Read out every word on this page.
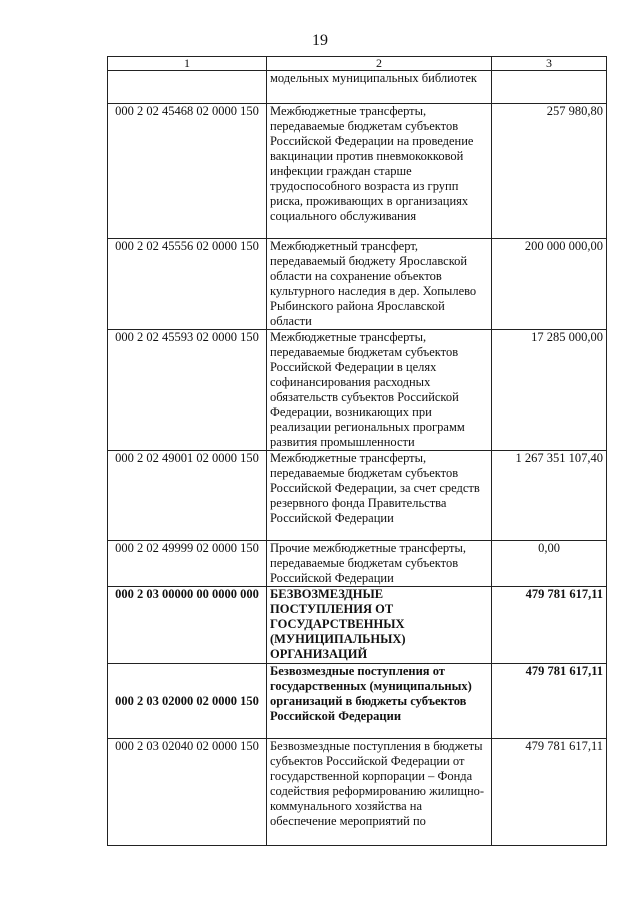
19
1	2	3
	модельных муниципальных библиотек	
000 2 02 45468 02 0000 150	Межбюджетные трансферты, передаваемые бюджетам субъектов Российской Федерации на проведение вакцинации против пневмококковой инфекции граждан старше трудоспособного возраста из групп риска, проживающих в организациях социального обслуживания	257 980,80
000 2 02 45556 02 0000 150	Межбюджетный трансферт, передаваемый бюджету Ярославской области на сохранение объектов культурного наследия в дер. Хопылево Рыбинского района Ярославской области	200 000 000,00
000 2 02 45593 02 0000 150	Межбюджетные трансферты, передаваемые бюджетам субъектов Российской Федерации в целях софинансирования расходных обязательств субъектов Российской Федерации, возникающих при реализации региональных программ развития промышленности	17 285 000,00
000 2 02 49001 02 0000 150	Межбюджетные трансферты, передаваемые бюджетам субъектов Российской Федерации, за счет средств резервного фонда Правительства Российской Федерации	1 267 351 107,40
000 2 02 49999 02 0000 150	Прочие межбюджетные трансферты, передаваемые бюджетам субъектов Российской Федерации	0,00
000 2 03 00000 00 0000 000	БЕЗВОЗМЕЗДНЫЕ ПОСТУПЛЕНИЯ ОТ ГОСУДАРСТВЕННЫХ (МУНИЦИПАЛЬНЫХ) ОРГАНИЗАЦИЙ	479 781 617,11
000 2 03 02000 02 0000 150	Безвозмездные поступления от государственных (муниципальных) организаций в бюджеты субъектов Российской Федерации	479 781 617,11
000 2 03 02040 02 0000 150	Безвозмездные поступления в бюджеты субъектов Российской Федерации от государственной корпорации – Фонда содействия реформированию жилищно-коммунального хозяйства на обеспечение мероприятий по	479 781 617,11
